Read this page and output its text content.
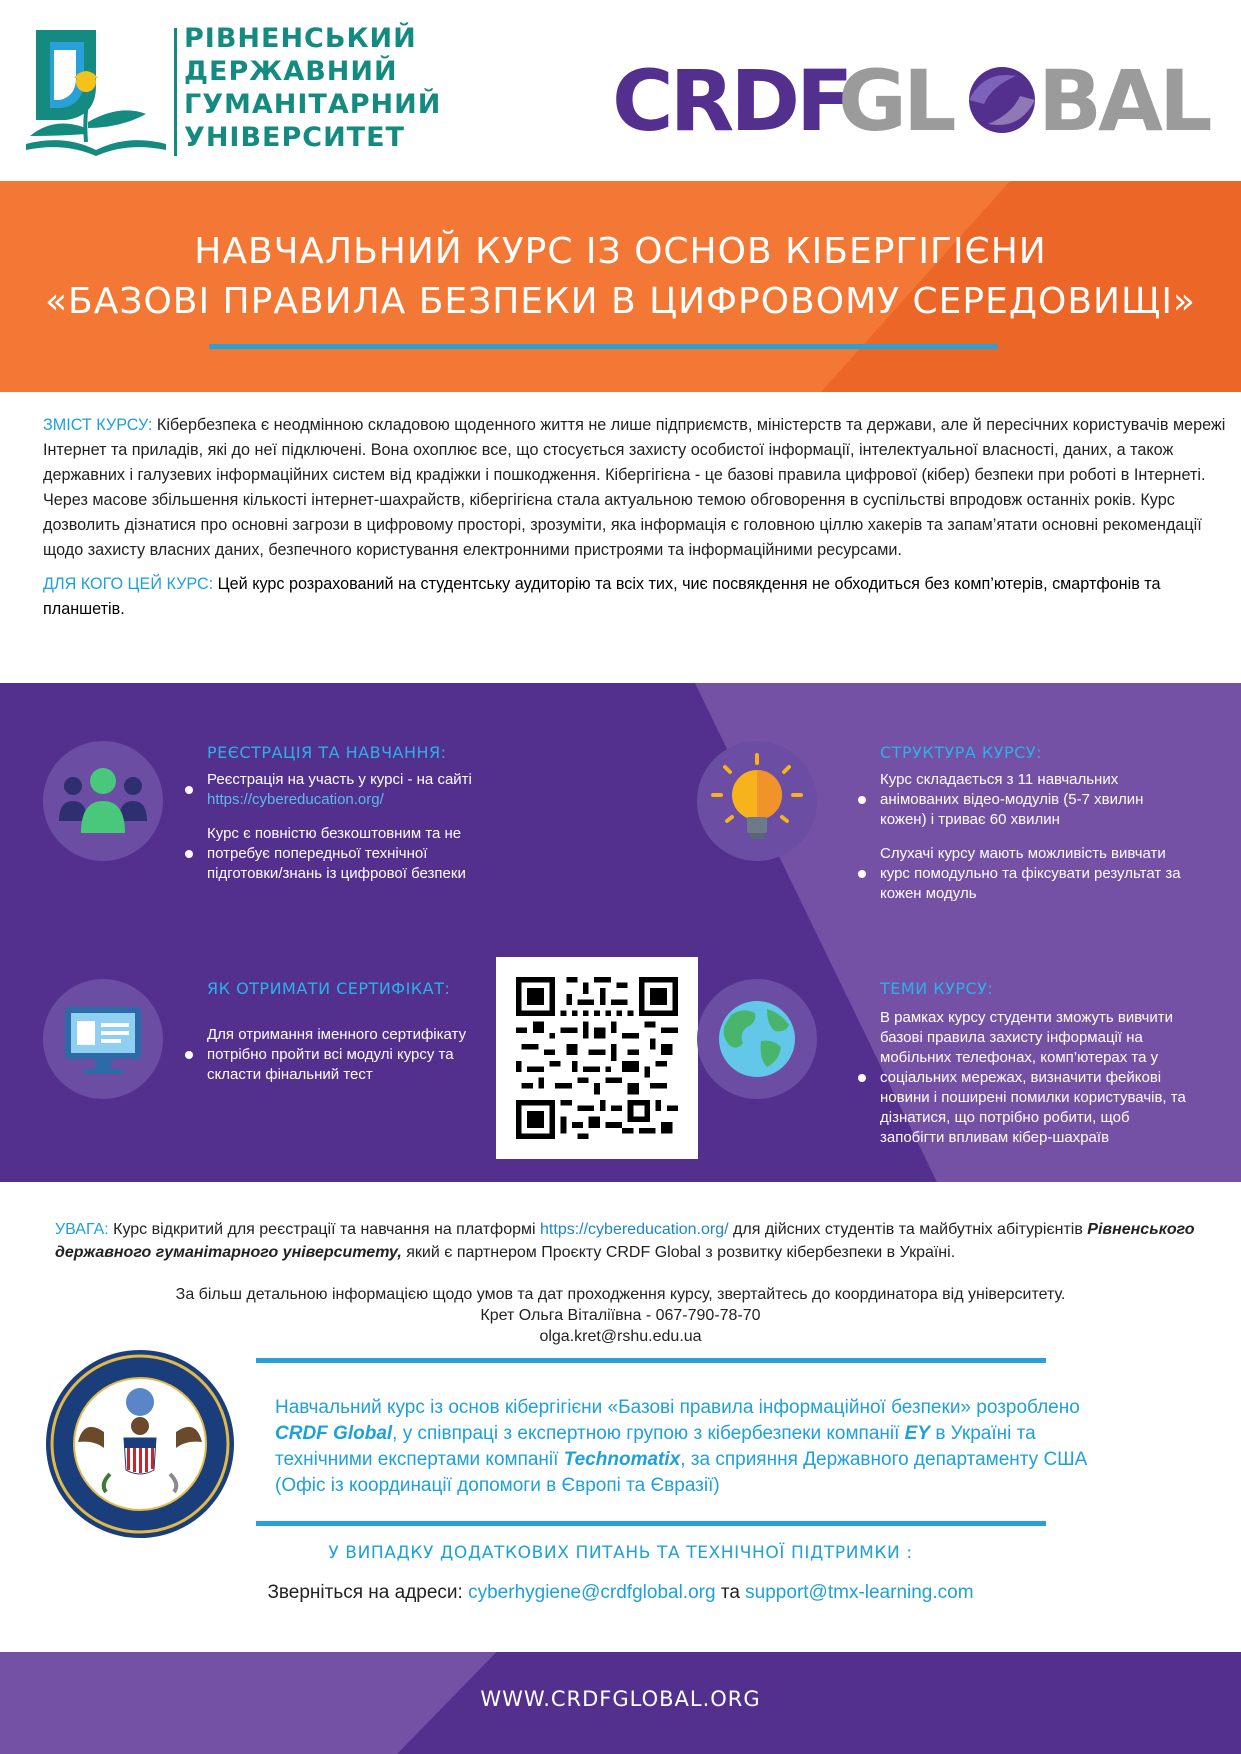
РІВНЕНСЬКИЙ
ДЕРЖАВНИЙ
ГУМАНІТАРНИЙ
УНІВЕРСИТЕТ	CRDF
GL BAL
НАВЧАЛЬНИЙ КУРС ІЗ ОСНОВ КІБЕРГІГІЄНИ
«БАЗОВІ ПРАВИЛА БЕЗПЕКИ В ЦИФРОВОМУ СЕРЕДОВИЩІ»

ЗМІСТ КУРСУ: Кібербезпека є неодмінною складовою щоденного життя не лише підприємств, міністерств та держави, але й пересічних користувачів мережі Інтернет та приладів, які до неї підключені. Вона охоплює все, що стосується захисту особистої інформації, інтелектуальної власності, даних, а також державних і галузевих інформаційних систем від крадіжки і пошкодження. Кібергігієна - це базові правила цифрової (кібер) безпеки при роботі в Інтернеті. Через масове збільшення кількості інтернет-шахрайств, кібергігієна стала актуальною темою обговорення в суспільстві впродовж останніх років. Курс дозволить дізнатися про основні загрози в цифровому просторі, зрозуміти, яка інформація є головною ціллю хакерів та запам’ятати основні рекомендації щодо захисту власних даних, безпечного користування електронними пристроями та інформаційними ресурсами.

ДЛЯ КОГО ЦЕЙ КУРС: Цей курс розрахований на студентську аудиторію та всіх тих, чиє посвякдення не обходиться без комп’ютерів, смартфонів та планшетів.

РЕЄСТРАЦІЯ ТА НАВЧАННЯ:
Реєстрація на участь у курсі - на сайті
https://cybereducation.org/
Курс є повністю безкоштовним та не потребує попередньої технічної підготовки/знань із цифрової безпеки
СТРУКТУРА КУРСУ:
Курс складається з 11 навчальних анімованих відео-модулів (5-7 хвилин кожен) і триває 60 хвилин
Слухачі курсу мають можливість вивчати курс помодульно та фіксувати результат за кожен модуль
ЯК ОТРИМАТИ СЕРТИФІКАТ:
Для отримання іменного сертифікату потрібно пройти всі модулі курсу та скласти фінальний тест
ТЕМИ КУРСУ:
В рамках курсу студенти зможуть вивчити базові правила захисту інформації на мобільних телефонах, комп’ютерах та у соціальних мережах, визначити фейкові новини і поширені помилки користувачів, та дізнатися, що потрібно робити, щоб запобігти впливам кібер-шахраїв
УВАГА: Курс відкритий для реєстрації та навчання на платформі https://cybereducation.org/ для дійсних студентів та майбутніх абітурієнтів Рівненського державного гуманітарного університету, який є партнером Проєкту CRDF Global з розвитку кібербезпеки в Україні.
За більш детальною інформацією щодо умов та дат проходження курсу, звертайтесь до координатора від університету.
Крет Ольга Віталіївна - 067-790-78-70
olga.kret@rshu.edu.ua
Навчальний курс із основ кібергігієни «Базові правила інформаційної безпеки» розроблено CRDF Global, у співпраці з експертною групою з кібербезпеки компанії EY в Україні та технічними експертами компанії Technomatix, за сприяння Державного департаменту США (Офіс із координації допомоги в Європі та Євразії)
У ВИПАДКУ ДОДАТКОВИХ ПИТАНЬ ТА ТЕХНІЧНОЇ ПІДТРИМКИ :
Зверніться на адреси: cyberhygiene@crdfglobal.org та support@tmx-learning.com
WWW.CRDFGLOBAL.ORG
